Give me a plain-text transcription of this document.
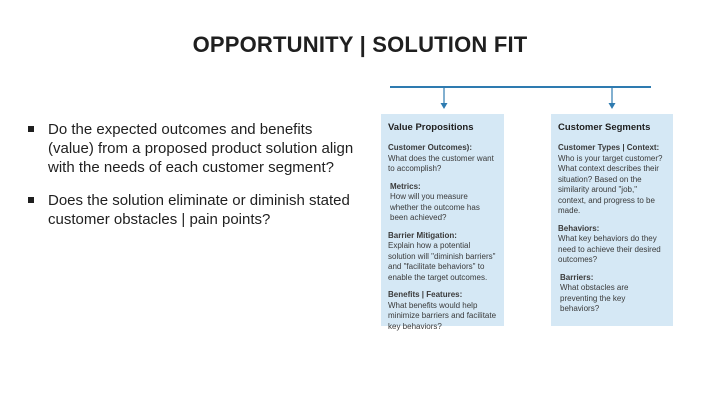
OPPORTUNITY | SOLUTION FIT
Do the expected outcomes and benefits (value) from a proposed product solution align with the needs of each customer segment?
Does the solution eliminate or diminish stated customer obstacles | pain points?
Value Propositions
Customer Outcomes):
What does the customer want to accomplish?
Metrics:
How will you measure whether the outcome has been achieved?
Barrier Mitigation:
Explain how a potential solution will "diminish barriers" and "facilitate behaviors" to enable the target outcomes.
Benefits | Features:
What benefits would help minimize barriers and facilitate key behaviors?
Customer Segments
Customer Types | Context:
Who is your target customer? What context describes their situation? Based on the similarity around "job," context, and progress to be made.
Behaviors:
What key behaviors do they need to achieve their desired outcomes?
Barriers:
What obstacles are preventing the key behaviors?
